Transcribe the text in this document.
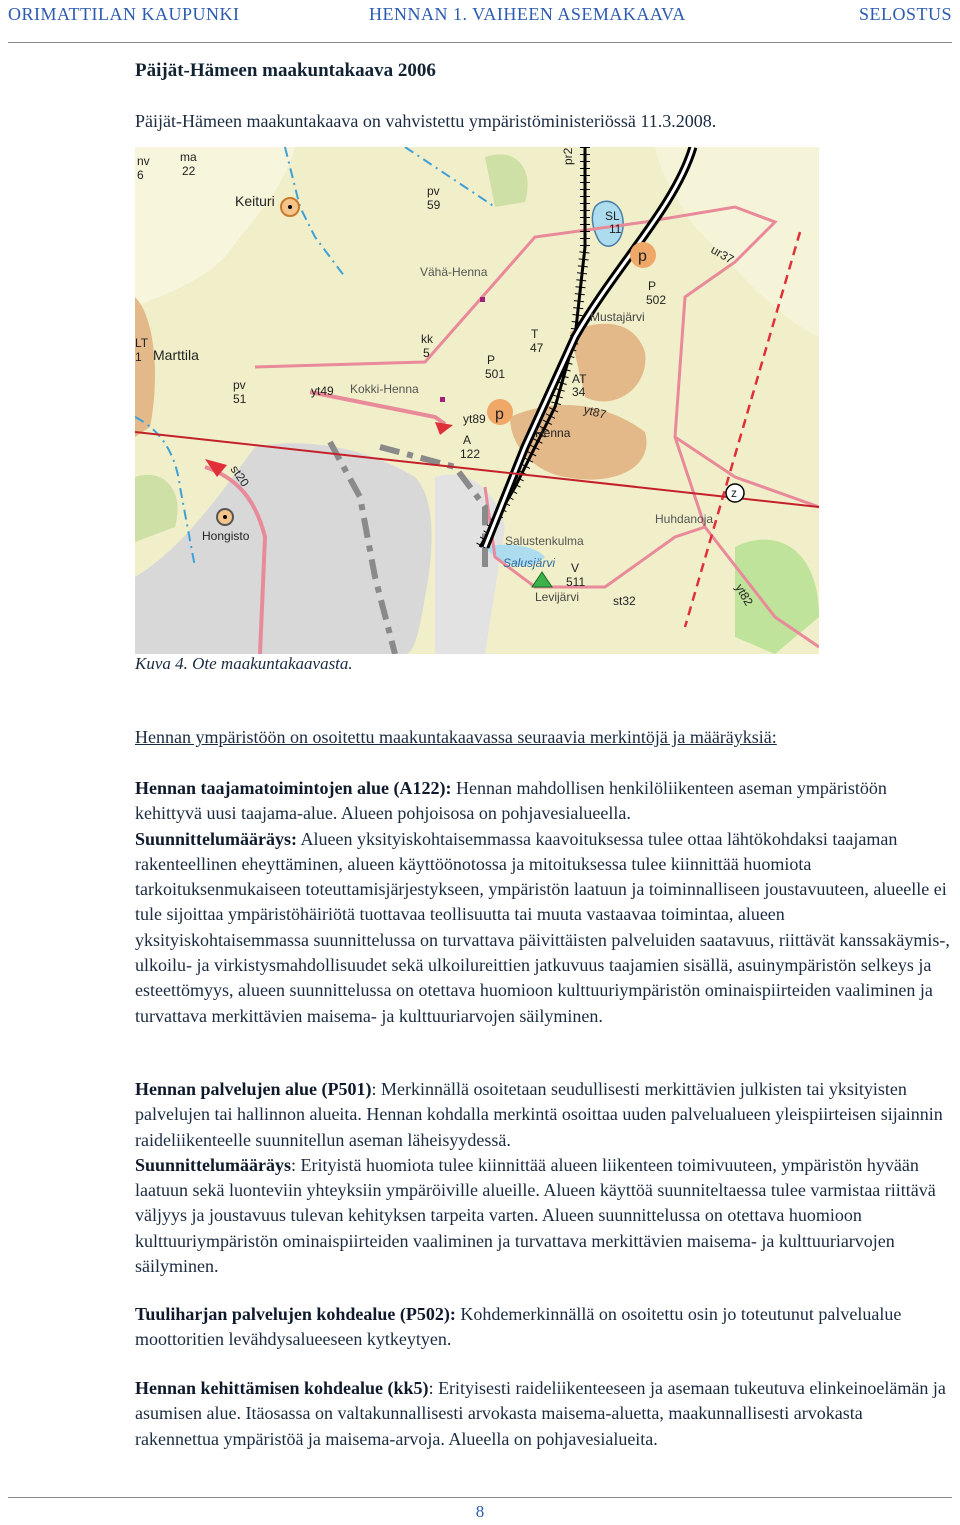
ORIMATTILAN KAUPUNKI	HENNAN 1. VAIHEEN ASEMAKAAVA	SELOSTUS
Päijät-Hämeen maakuntakaava 2006
Päijät-Hämeen maakuntakaava on vahvistettu ympäristöministeriössä 11.3.2008.
nv
6
ma
22
Keituri
pv
59
pr2
SL
11
p	ur37
Vähä-Henna
P
502
Mustajärvi
LT
1 Marttila
kk
5
T
47
P
501
pv
51
yt49 Kokki-Henna
AT
34
yt89 p	yt87
Henna
A
122
st20
z
Huhdanoja
Hongisto	Salustenkulma
Salusjärvi V
511
Levijärvi	st32	yt82
Kuva 4. Ote maakuntakaavasta.
Hennan ympäristöön on osoitettu maakuntakaavassa seuraavia merkintöjä ja määräyksiä:
Hennan taajamatoimintojen alue (A122): Hennan mahdollisen henkilöliikenteen aseman ympäristöön kehittyvä uusi taajama-alue. Alueen pohjoisosa on pohjavesialueella.
Suunnittelumääräys: Alueen yksityiskohtaisemmassa kaavoituksessa tulee ottaa lähtökohdaksi taajaman rakenteellinen eheyttäminen, alueen käyttöönotossa ja mitoituksessa tulee kiinnittää huomiota tarkoituksenmukaiseen toteuttamisjärjestykseen, ympäristön laatuun ja toiminnalliseen joustavuuteen, alueelle ei tule sijoittaa ympäristöhäiriötä tuottavaa teollisuutta tai muuta vastaavaa toimintaa, alueen yksityiskohtaisemmassa suunnittelussa on turvattava päivittäisten palveluiden saatavuus, riittävät kanssakäymis-, ulkoilu- ja virkistysmahdollisuudet sekä ulkoilureittien jatkuvuus taajamien sisällä, asuinympäristön selkeys ja esteettömyys, alueen suunnittelussa on otettava huomioon kulttuuriympäristön ominaispiirteiden vaaliminen ja turvattava merkittävien maisema- ja kulttuuriarvojen säilyminen.
Hennan palvelujen alue (P501): Merkinnällä osoitetaan seudullisesti merkittävien julkisten tai yksityisten palvelujen tai hallinnon alueita. Hennan kohdalla merkintä osoittaa uuden palvelualueen yleispiirteisen sijainnin raideliikenteelle suunnitellun aseman läheisyydessä.
Suunnittelumääräys: Erityistä huomiota tulee kiinnittää alueen liikenteen toimivuuteen, ympäristön hyvään laatuun sekä luonteviin yhteyksiin ympäröiville alueille. Alueen käyttöä suunniteltaessa tulee varmistaa riittävä väljyys ja joustavuus tulevan kehityksen tarpeita varten. Alueen suunnittelussa on otettava huomioon kulttuuriympäristön ominaispiirteiden vaaliminen ja turvattava merkittävien maisema- ja kulttuuriarvojen säilyminen.
Tuuliharjan palvelujen kohdealue (P502): Kohdemerkinnällä on osoitettu osin jo toteutunut palvelualue moottoritien levähdysalueeseen kytkeytyen.
Hennan kehittämisen kohdealue (kk5): Erityisesti raideliikenteeseen ja asemaan tukeutuva elinkeinoelämän ja asumisen alue. Itäosassa on valtakunnallisesti arvokasta maisema-aluetta, maakunnallisesti arvokasta rakennettua ympäristöä ja maisema-arvoja. Alueella on pohjavesialueita.
8
